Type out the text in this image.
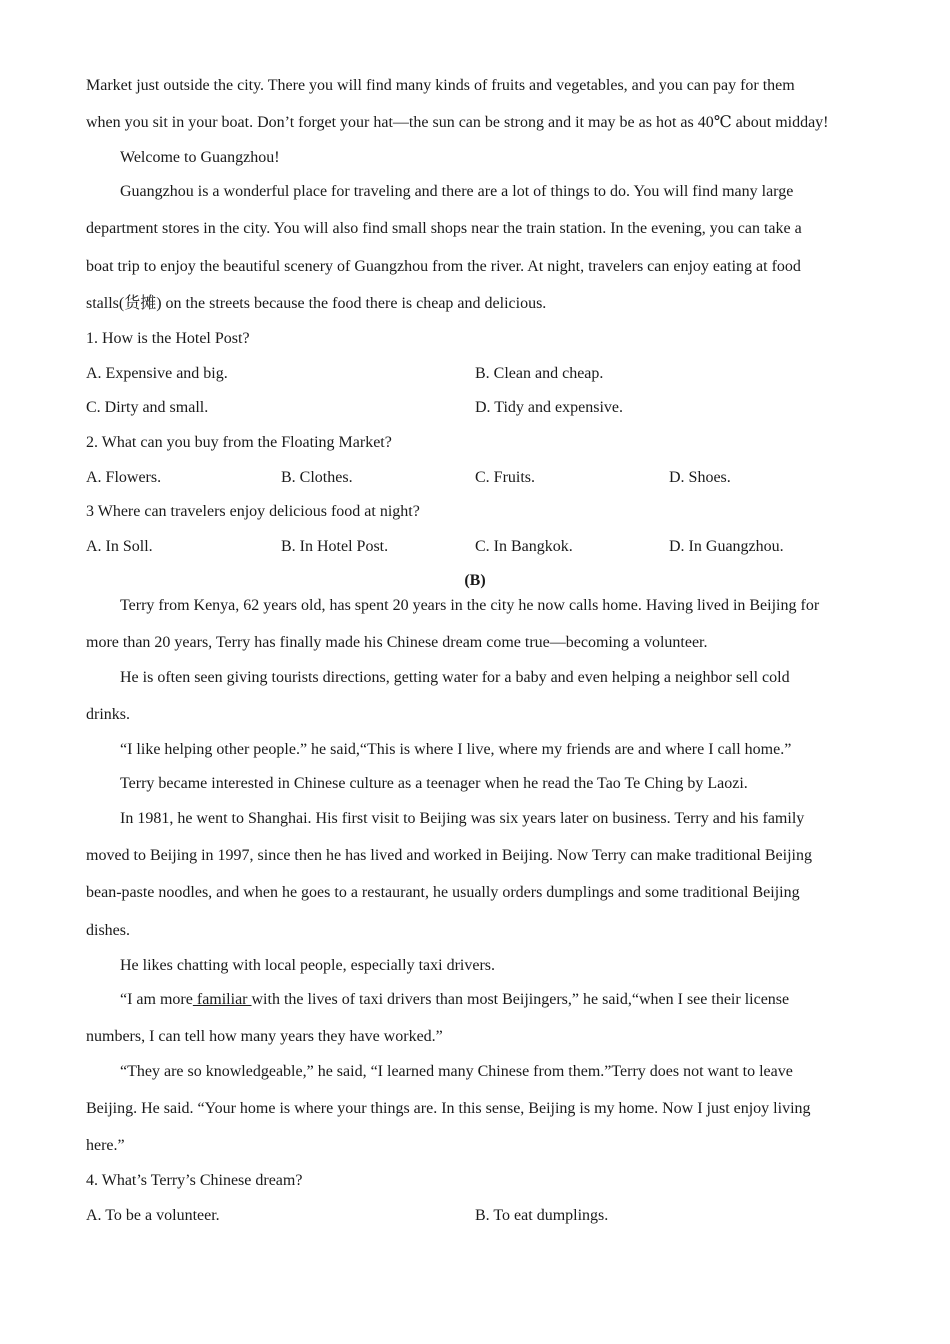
Market just outside the city. There you will find many kinds of fruits and vegetables, and you can pay for them
when you sit in your boat. Don’t forget your hat—the sun can be strong and it may be as hot as 40℃ about midday!
Welcome to Guangzhou!
Guangzhou is a wonderful place for traveling and there are a lot of things to do. You will find many large
department stores in the city. You will also find small shops near the train station. In the evening, you can take a
boat trip to enjoy the beautiful scenery of Guangzhou from the river. At night, travelers can enjoy eating at food
stalls(货摊) on the streets because the food there is cheap and delicious.
1. How is the Hotel Post?
A. Expensive and big.	B. Clean and cheap.
C. Dirty and small.	D. Tidy and expensive.
2. What can you buy from the Floating Market?
A. Flowers.	B. Clothes.	C. Fruits.	D. Shoes.
3 Where can travelers enjoy delicious food at night?
A. In Soll.	B. In Hotel Post.	C. In Bangkok.	D. In Guangzhou.
(B)
Terry from Kenya, 62 years old, has spent 20 years in the city he now calls home. Having lived in Beijing for
more than 20 years, Terry has finally made his Chinese dream come true—becoming a volunteer.
He is often seen giving tourists directions, getting water for a baby and even helping a neighbor sell cold
drinks.
“I like helping other people.” he said,“This is where I live, where my friends are and where I call home.”
Terry became interested in Chinese culture as a teenager when he read the Tao Te Ching by Laozi.
In 1981, he went to Shanghai. His first visit to Beijing was six years later on business. Terry and his family
moved to Beijing in 1997, since then he has lived and worked in Beijing. Now Terry can make traditional Beijing
bean-paste noodles, and when he goes to a restaurant, he usually orders dumplings and some traditional Beijing
dishes.
He likes chatting with local people, especially taxi drivers.
“I am more familiar with the lives of taxi drivers than most Beijingers,” he said,“when I see their license
numbers, I can tell how many years they have worked.”
“They are so knowledgeable,” he said, “I learned many Chinese from them.”Terry does not want to leave
Beijing. He said. “Your home is where your things are. In this sense, Beijing is my home. Now I just enjoy living
here.”
4. What’s Terry’s Chinese dream?
A. To be a volunteer.	B. To eat dumplings.
